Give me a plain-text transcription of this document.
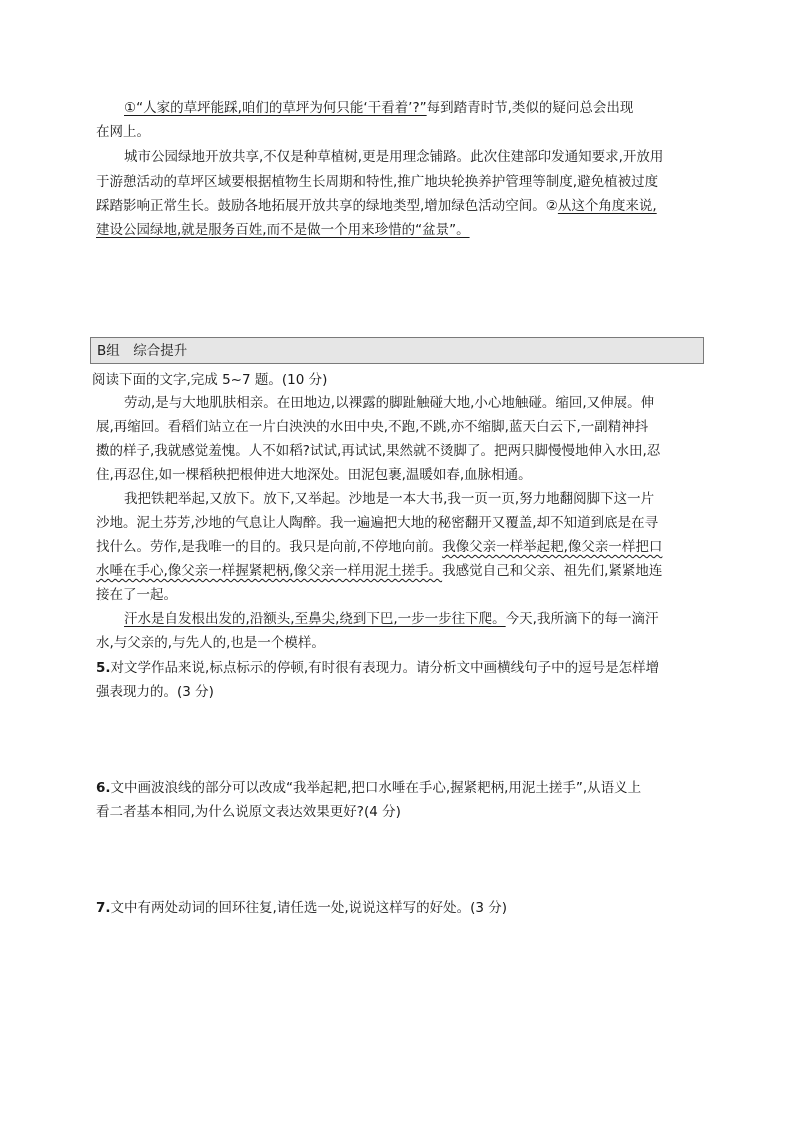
①“人家的草坪能踩,咱们的草坪为何只能‘干看着’?”每到踏青时节,类似的疑问总会出现
在网上。
城市公园绿地开放共享,不仅是种草植树,更是用理念铺路。此次住建部印发通知要求,开放用
于游憩活动的草坪区域要根据植物生长周期和特性,推广地块轮换养护管理等制度,避免植被过度
踩踏影响正常生长。鼓励各地拓展开放共享的绿地类型,增加绿色活动空间。②从这个角度来说,
建设公园绿地,就是服务百姓,而不是做一个用来珍惜的“盆景”。
B组　综合提升
阅读下面的文字,完成 5~7 题。(10 分)
劳动,是与大地肌肤相亲。在田地边,以裸露的脚趾触碰大地,小心地触碰。缩回,又伸展。伸
展,再缩回。看稻们站立在一片白泱泱的水田中央,不跑,不跳,亦不缩脚,蓝天白云下,一副精神抖
擞的样子,我就感觉羞愧。人不如稻?试试,再试试,果然就不烫脚了。把两只脚慢慢地伸入水田,忍
住,再忍住,如一棵稻秧把根伸进大地深处。田泥包裹,温暖如春,血脉相通。
我把铁耙举起,又放下。放下,又举起。沙地是一本大书,我一页一页,努力地翻阅脚下这一片
沙地。泥土芬芳,沙地的气息让人陶醉。我一遍遍把大地的秘密翻开又覆盖,却不知道到底是在寻
找什么。劳作,是我唯一的目的。我只是向前,不停地向前。我像父亲一样举起耙,像父亲一样把口
水唾在手心,像父亲一样握紧耙柄,像父亲一样用泥土搓手。我感觉自己和父亲、祖先们,紧紧地连
接在了一起。
汗水是自发根出发的,沿额头,至鼻尖,绕到下巴,一步一步往下爬。今天,我所滴下的每一滴汗
水,与父亲的,与先人的,也是一个模样。
5.对文学作品来说,标点标示的停顿,有时很有表现力。请分析文中画横线句子中的逗号是怎样增
强表现力的。(3 分)
6.文中画波浪线的部分可以改成“我举起耙,把口水唾在手心,握紧耙柄,用泥土搓手”,从语义上
看二者基本相同,为什么说原文表达效果更好?(4 分)
7.文中有两处动词的回环往复,请任选一处,说说这样写的好处。(3 分)
